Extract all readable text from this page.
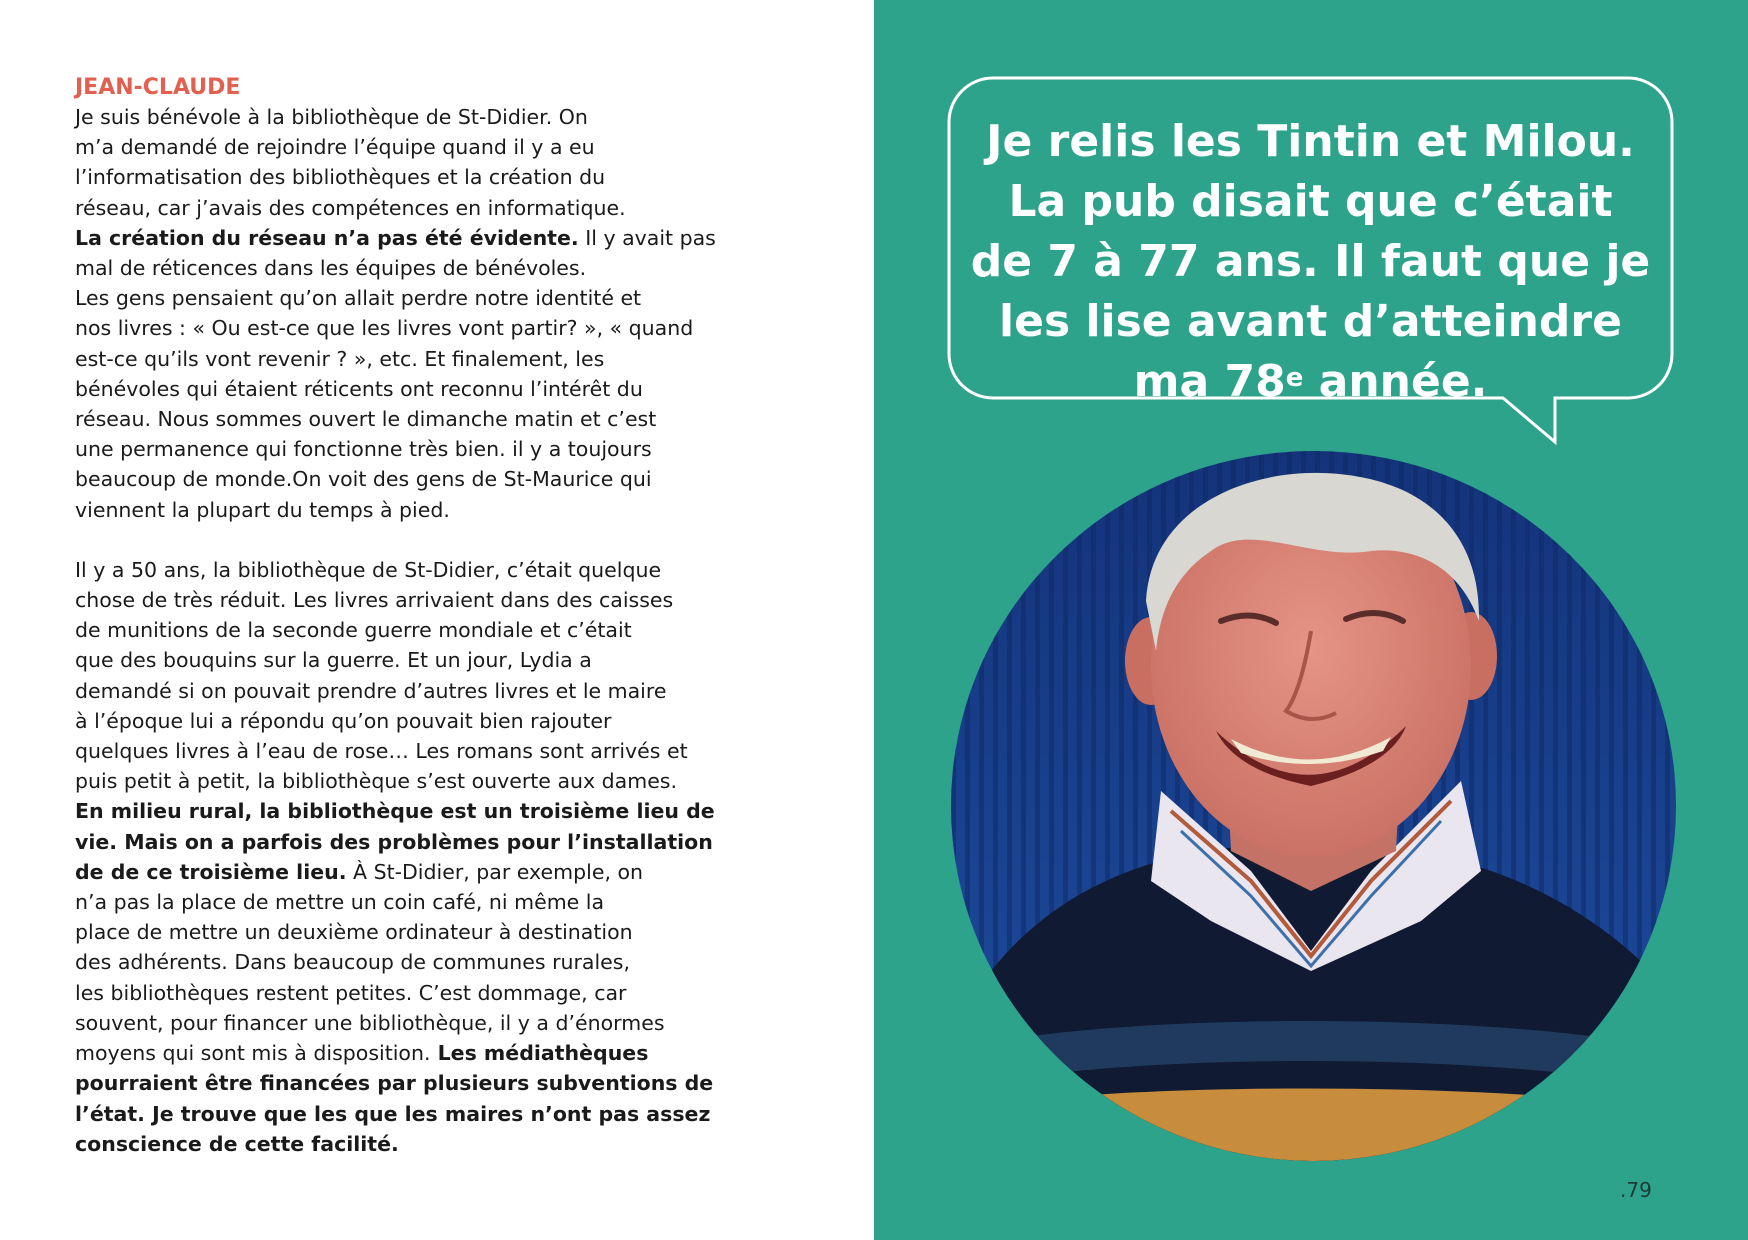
JEAN-CLAUDE

Je suis bénévole à la bibliothèque de St-Didier. On
m’a demandé de rejoindre l’équipe quand il y a eu
l’informatisation des bibliothèques et la création du
réseau, car j’avais des compétences en informatique.
La création du réseau n’a pas été évidente. Il y avait pas
mal de réticences dans les équipes de bénévoles.
Les gens pensaient qu’on allait perdre notre identité et
nos livres : « Ou est-ce que les livres vont partir? », « quand
est-ce qu’ils vont revenir ? », etc. Et finalement, les
bénévoles qui étaient réticents ont reconnu l’intérêt du
réseau. Nous sommes ouvert le dimanche matin et c’est
une permanence qui fonctionne très bien. il y a toujours
beaucoup de monde.On voit des gens de St-Maurice qui
viennent la plupart du temps à pied.

Il y a 50 ans, la bibliothèque de St-Didier, c’était quelque
chose de très réduit. Les livres arrivaient dans des caisses
de munitions de la seconde guerre mondiale et c’était
que des bouquins sur la guerre. Et un jour, Lydia a
demandé si on pouvait prendre d’autres livres et le maire
à l’époque lui a répondu qu’on pouvait bien rajouter
quelques livres à l’eau de rose… Les romans sont arrivés et
puis petit à petit, la bibliothèque s’est ouverte aux dames.
En milieu rural, la bibliothèque est un troisième lieu de
vie. Mais on a parfois des problèmes pour l’installation
de de ce troisième lieu. À St-Didier, par exemple, on
n’a pas la place de mettre un coin café, ni même la
place de mettre un deuxième ordinateur à destination
des adhérents. Dans beaucoup de communes rurales,
les bibliothèques restent petites. C’est dommage, car
souvent, pour financer une bibliothèque, il y a d’énormes
moyens qui sont mis à disposition. Les médiathèques
pourraient être financées par plusieurs subventions de
l’état. Je trouve que les que les maires n’ont pas assez
conscience de cette facilité.

Je relis les Tintin et Milou.
La pub disait que c’était
de 7 à 77 ans. Il faut que je
les lise avant d’atteindre
ma 78e année.
.79
